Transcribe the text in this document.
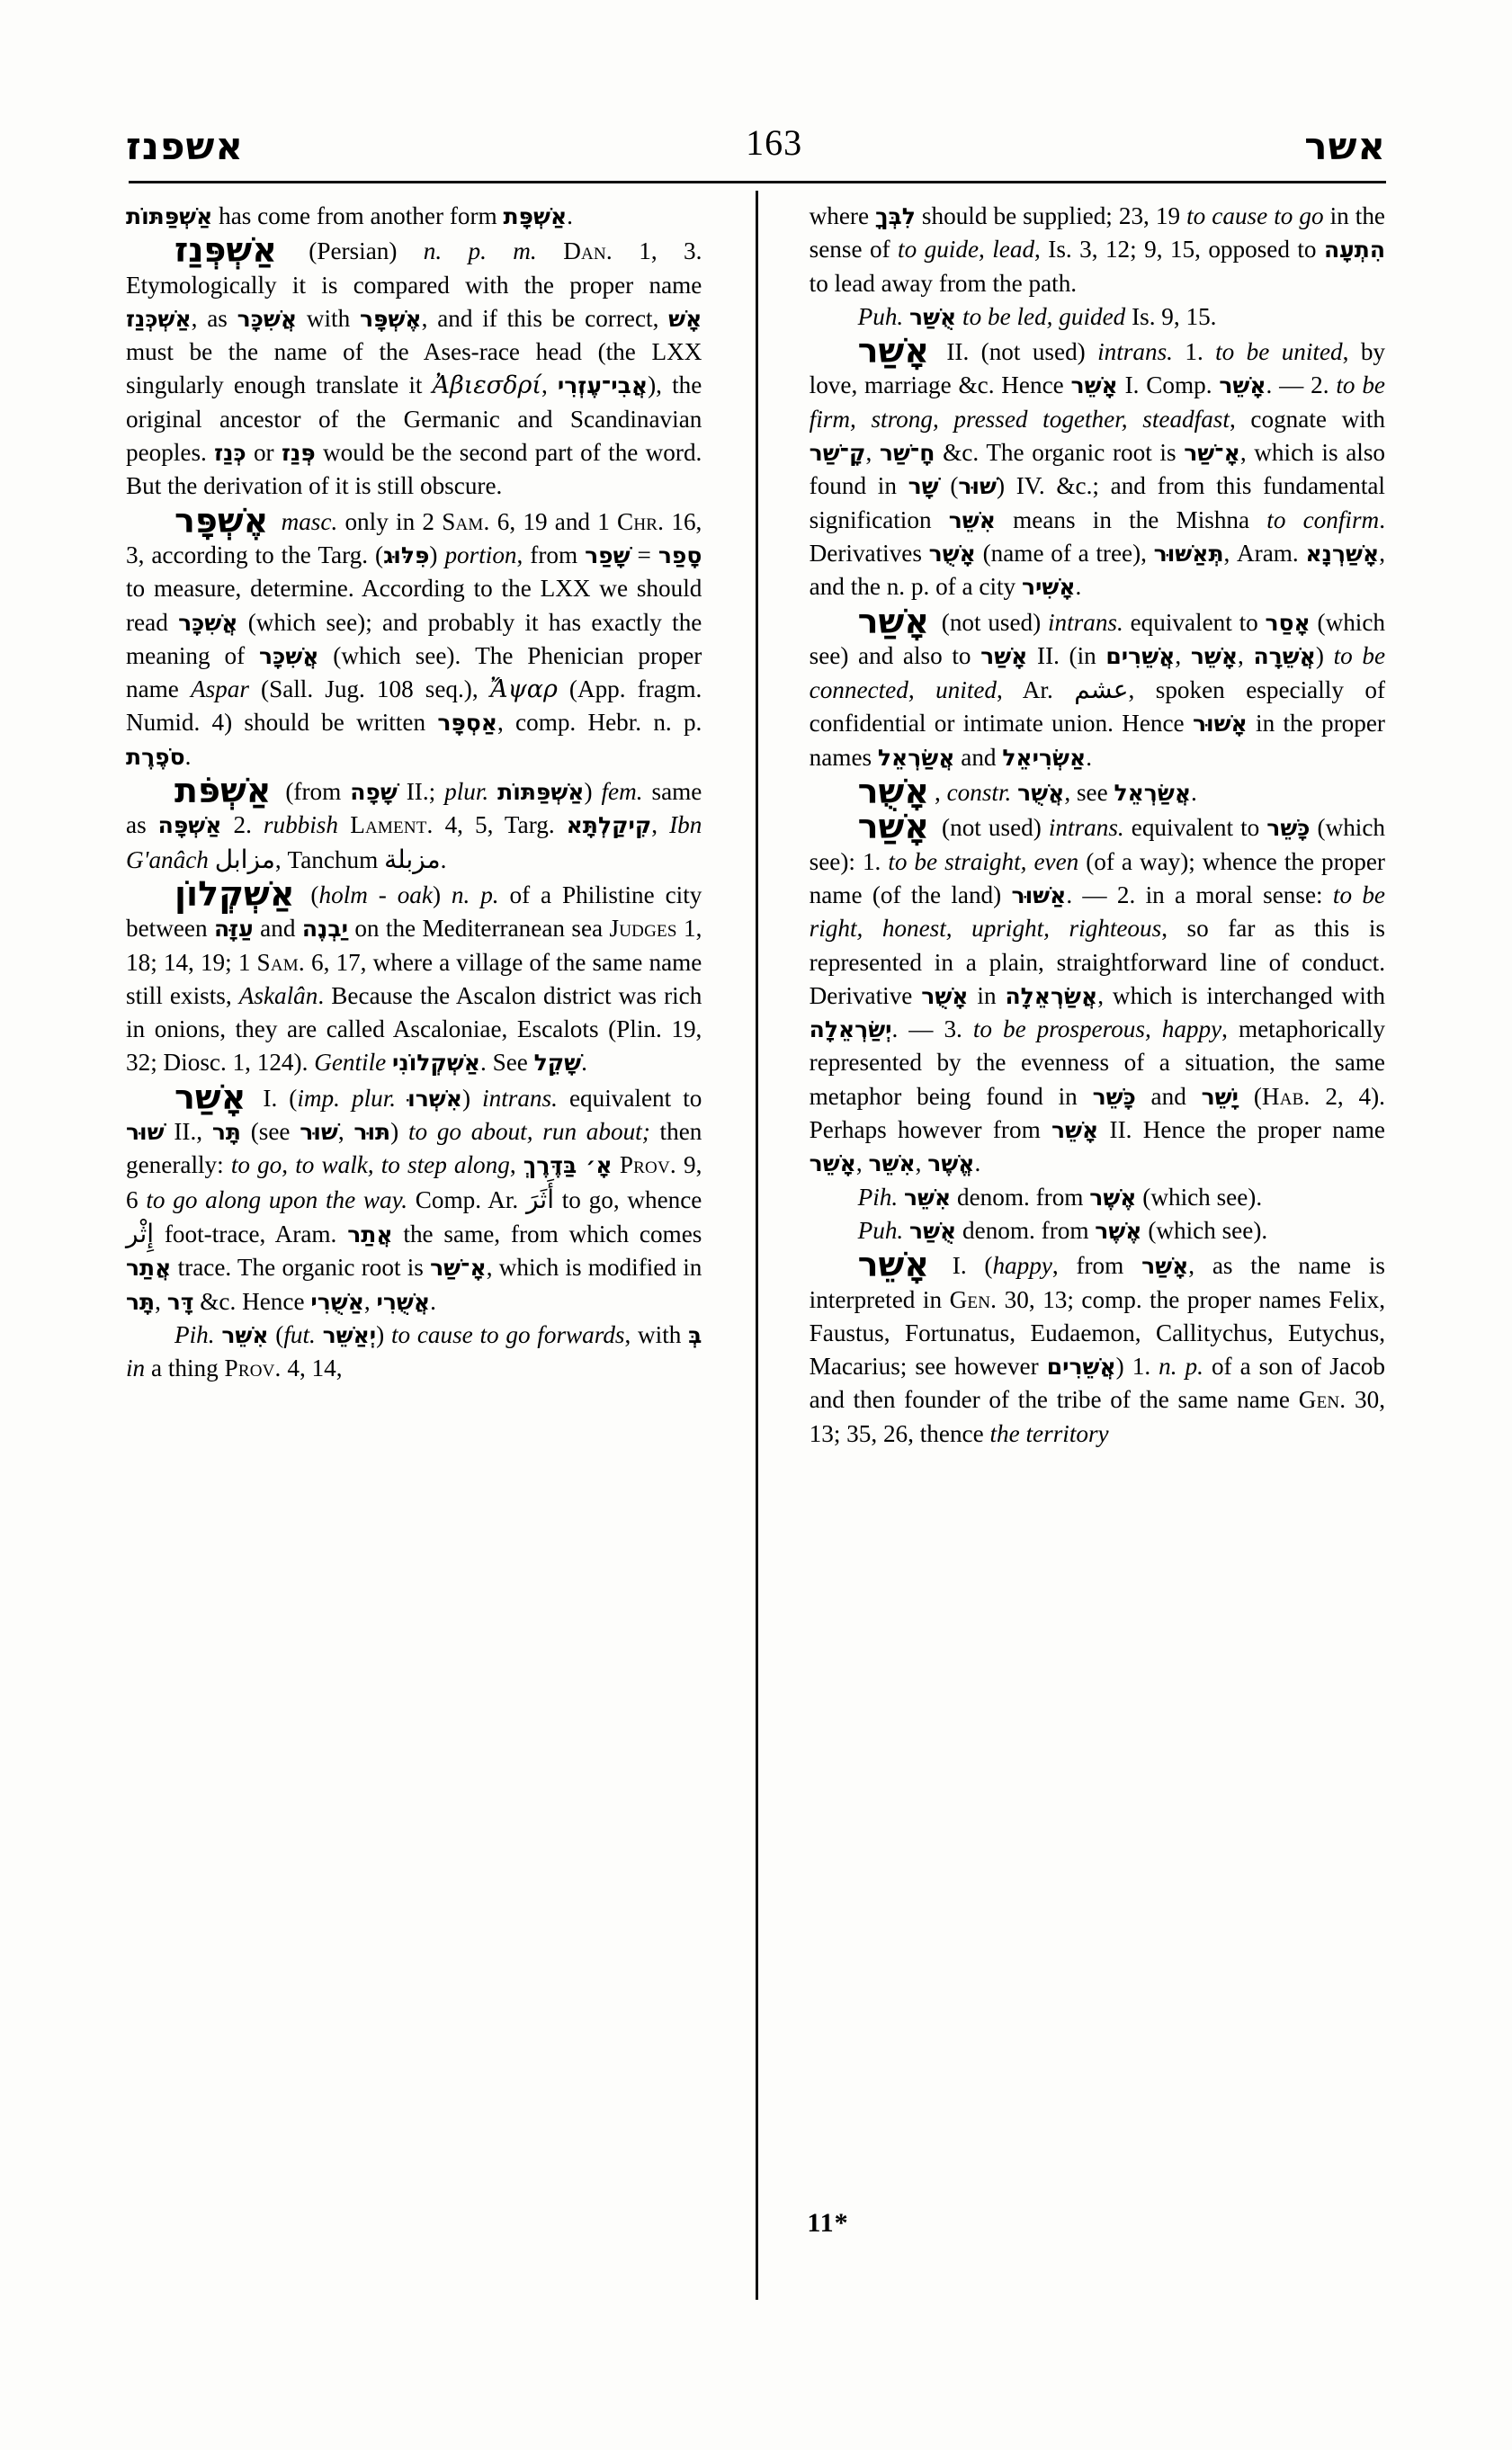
אשפנז	163	אשר

אַשְׁפַּתּוֹת has come from another form אַשְׁפָּת.

אַשְׁפְּנַז (Persian) n. p. m. Dan. 1, 3. Etymologically it is compared with the proper name אַשְׁכְּנַז, as אֲשִׁכָּר with אֶשְׁפָּר, and if this be correct, אָשׁ must be the name of the Ases-race head (the LXX singularly enough translate it Ἀβιεσδρί, אֲבִי־עֶזְרִי), the original ancestor of the Germanic and Scandinavian peoples. כְּנַז or פְּנַז would be the second part of the word. But the derivation of it is still obscure.

אֶשְׁפָּר masc. only in 2 Sam. 6, 19 and 1 Chr. 16, 3, according to the Targ. (פִּלּוּג) portion, from שָׁפַר = סָפַר to measure, determine. According to the LXX we should read אֲשִׁכָּר (which see); and probably it has exactly the meaning of אֲשִׁכָּר (which see). The Phenician proper name Aspar (Sall. Jug. 108 seq.), Ἄψαρ (App. fragm. Numid. 4) should be written אַסְפָּר, comp. Hebr. n. p. סֹפֶרֶת.

אַשְׁפֹּת (from שָׁפָה II.; plur. אַשְׁפַּתּוֹת) fem. same as אַשְׁפָּה 2. rubbish Lament. 4, 5, Targ. קִיקַלְתָּא, Ibn G'anâch مزابل, Tanchum مزبلة.

אַשְׁקְלוֹן (holm - oak) n. p. of a Philistine city between עַזָּה and יַבְנֶה on the Mediterranean sea Judges 1, 18; 14, 19; 1 Sam. 6, 17, where a village of the same name still exists, Askalân. Because the Ascalon district was rich in onions, they are called Ascaloniae, Escalots (Plin. 19, 32; Diosc. 1, 124). Gentile אַשְׁקְלוֹנִי. See שָׁקֵל.

אָשַׁר I. (imp. plur. אִשְׁרוּ) intrans. equivalent to שׁוּר II., תָּר (see שׁוּר, תּוּר) to go about, run about; then generally: to go, to walk, to step along, אָ׳ בַּדֶּרֶךְ Prov. 9, 6 to go along upon the way. Comp. Ar. أَثَرَ to go, whence إِثْر foot-trace, Aram. אֲתַר the same, from which comes אֲתַר trace. The organic root is אָ־שַׁר, which is modified in תָּר, דָּר &c. Hence אַשֻׁרִי, אֲשֻׁרִי.

Pih. אִשֵּׁר (fut. יְאַשֵּׁר) to cause to go forwards, with בְּ in a thing Prov. 4, 14,

where לִבְּךָ should be supplied; 23, 19 to cause to go in the sense of to guide, lead, Is. 3, 12; 9, 15, opposed to הִתְעָה to lead away from the path.

Puh. אֻשַּׁר to be led, guided Is. 9, 15.

אָשַׁר II. (not used) intrans. 1. to be united, by love, marriage &c. Hence אָשֵׁר I. Comp. אָשֵׁר. — 2. to be firm, strong, pressed together, steadfast, cognate with קָ־שַׁר, חָ־שַׁר &c. The organic root is אָ־שַׁר, which is also found in שָׁר (שׁוּר) IV. &c.; and from this fundamental signification אִשֵּׁר means in the Mishna to confirm. Derivatives אָשֻׁר (name of a tree), תְּאַשּׁוּר, Aram. אָשַׁרְנָא, and the n. p. of a city אָשִׁיר.

אָשַׁר (not used) intrans. equivalent to אָסַר (which see) and also to אָשַׁר II. (in אֲשֵׁרִים, אָשֵׁר, אֲשֵׁרָה) to be connected, united, Ar. عشم, spoken especially of confidential or intimate union. Hence אָשׁוּר in the proper names אֲשַׂרְאֵל and אַשְׂרִיאֵל.

אָשֻׁר , constr. אֲשֻׁר, see אֲשַׂרְאֵל.

אָשַׁר (not used) intrans. equivalent to כָּשֵׁר (which see): 1. to be straight, even (of a way); whence the proper name (of the land) אַשּׁוּר. — 2. in a moral sense: to be right, honest, upright, righteous, so far as this is represented in a plain, straightforward line of conduct. Derivative אָשֻׁר in אֲשַׂרְאֵלָה, which is interchanged with יְשַׂרְאֵלָה. — 3. to be prosperous, happy, metaphorically represented by the evenness of a situation, the same metaphor being found in כָּשֵׁר and יָשֵׁר (Hab. 2, 4). Perhaps however from אָשֵׁר II. Hence the proper name אָשֵׁר, אִשֵּׁר, אֱשֶׁר.

Pih. אִשֵּׁר denom. from אֶשֶׁר (which see).

Puh. אֻשַּׁר denom. from אֶשֶׁר (which see).

אָשֵׁר I. (happy, from אָשַׁר, as the name is interpreted in Gen. 30, 13; comp. the proper names Felix, Faustus, Fortunatus, Eudaemon, Callitychus, Eutychus, Macarius; see however אֲשֵׁרִים) 1. n. p. of a son of Jacob and then founder of the tribe of the same name Gen. 30, 13; 35, 26, thence the territory

11*
